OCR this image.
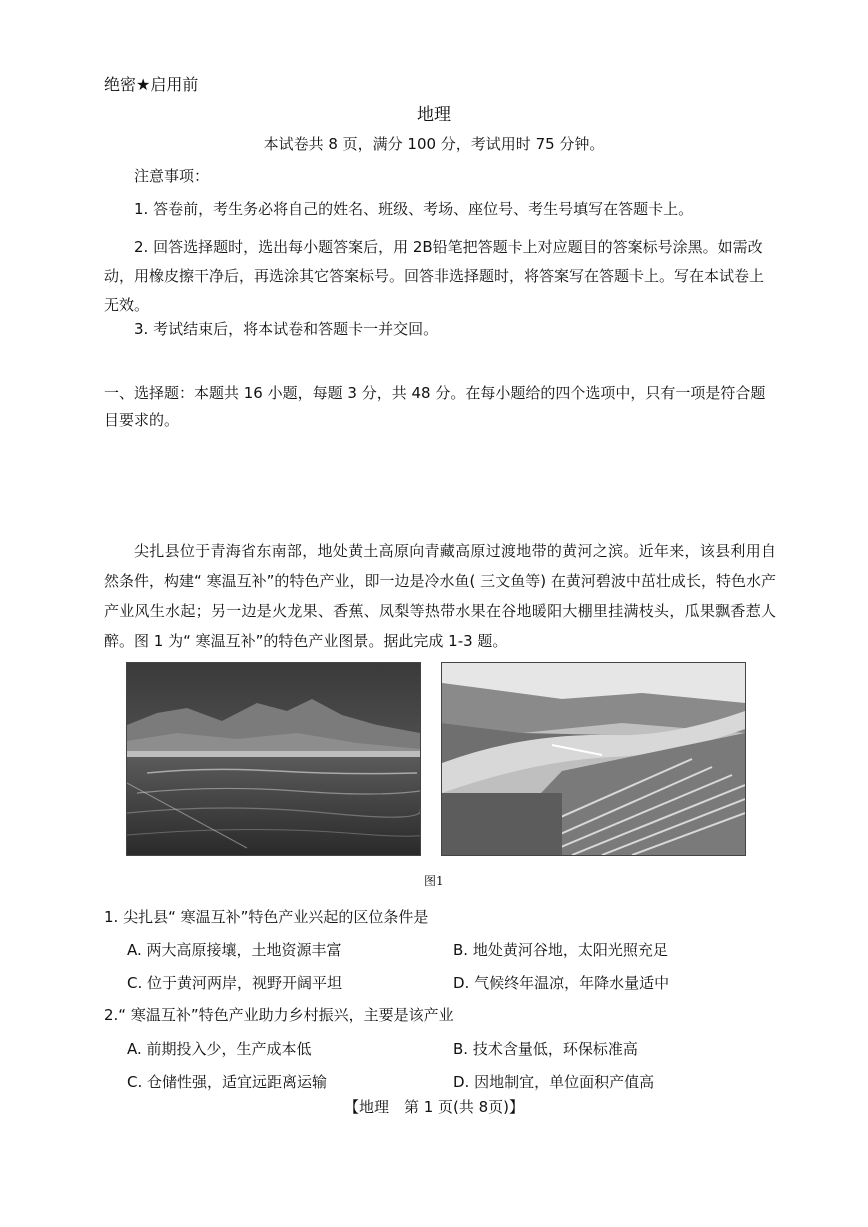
绝密★启用前
地理
本试卷共 8 页，满分 100 分，考试用时 75 分钟。
注意事项：
1. 答卷前，考生务必将自己的姓名、班级、考场、座位号、考生号填写在答题卡上。
2. 回答选择题时，选出每小题答案后，用 2B铅笔把答题卡上对应题目的答案标号涂黑。如需改动，用橡皮擦干净后，再选涂其它答案标号。回答非选择题时，将答案写在答题卡上。写在本试卷上无效。
3. 考试结束后，将本试卷和答题卡一并交回。
一、选择题：本题共 16 小题，每题 3 分，共 48 分。在每小题给的四个选项中，只有一项是符合题目要求的。
尖扎县位于青海省东南部，地处黄土高原向青藏高原过渡地带的黄河之滨。近年来，该县利用自然条件，构建“ 寒温互补”的特色产业，即一边是冷水鱼( 三文鱼等) 在黄河碧波中茁壮成长，特色水产产业风生水起；另一边是火龙果、香蕉、凤梨等热带水果在谷地暖阳大棚里挂满枝头，瓜果飘香惹人醉。图 1 为“ 寒温互补”的特色产业图景。据此完成 1-3 题。
图1
1. 尖扎县“ 寒温互补”特色产业兴起的区位条件是
A. 两大高原接壤，土地资源丰富	B. 地处黄河谷地，太阳光照充足
C. 位于黄河两岸，视野开阔平坦	D. 气候终年温凉，年降水量适中
2.“ 寒温互补”特色产业助力乡村振兴，主要是该产业
A. 前期投入少，生产成本低	B. 技术含量低，环保标准高
C. 仓储性强，适宜远距离运输	D. 因地制宜，单位面积产值高
【地理　第 1 页(共 8页)】
